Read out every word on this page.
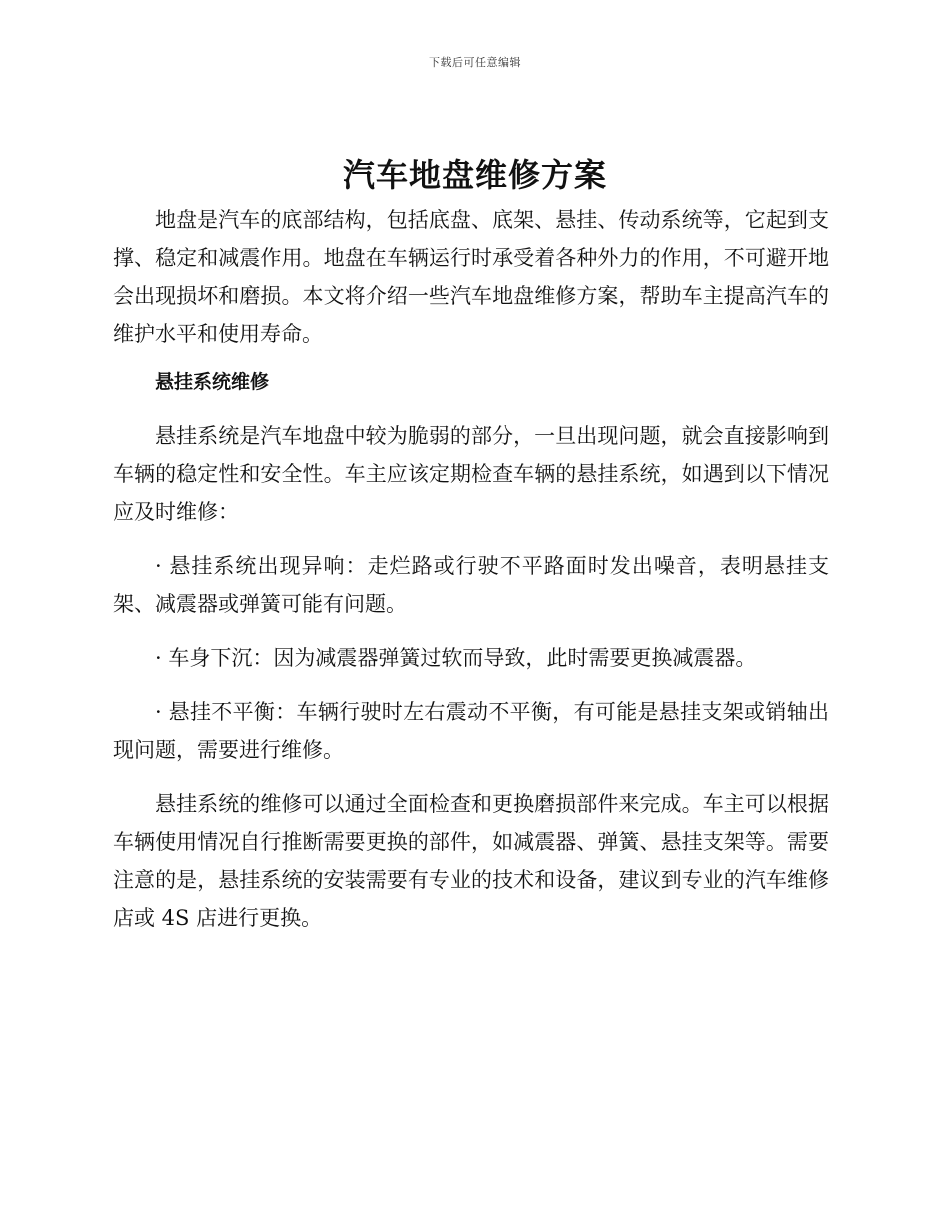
下载后可任意编辑
汽车地盘维修方案

地盘是汽车的底部结构，包括底盘、底架、悬挂、传动系统等，它起到支撑、稳定和减震作用。地盘在车辆运行时承受着各种外力的作用，不可避开地会出现损坏和磨损。本文将介绍一些汽车地盘维修方案，帮助车主提高汽车的维护水平和使用寿命。

悬挂系统维修

悬挂系统是汽车地盘中较为脆弱的部分，一旦出现问题，就会直接影响到车辆的稳定性和安全性。车主应该定期检查车辆的悬挂系统，如遇到以下情况应及时维修：

· 悬挂系统出现异响：走烂路或行驶不平路面时发出噪音，表明悬挂支架、减震器或弹簧可能有问题。

· 车身下沉：因为减震器弹簧过软而导致，此时需要更换减震器。

· 悬挂不平衡：车辆行驶时左右震动不平衡，有可能是悬挂支架或销轴出现问题，需要进行维修。

悬挂系统的维修可以通过全面检查和更换磨损部件来完成。车主可以根据车辆使用情况自行推断需要更换的部件，如减震器、弹簧、悬挂支架等。需要注意的是，悬挂系统的安装需要有专业的技术和设备，建议到专业的汽车维修店或 4S 店进行更换。
